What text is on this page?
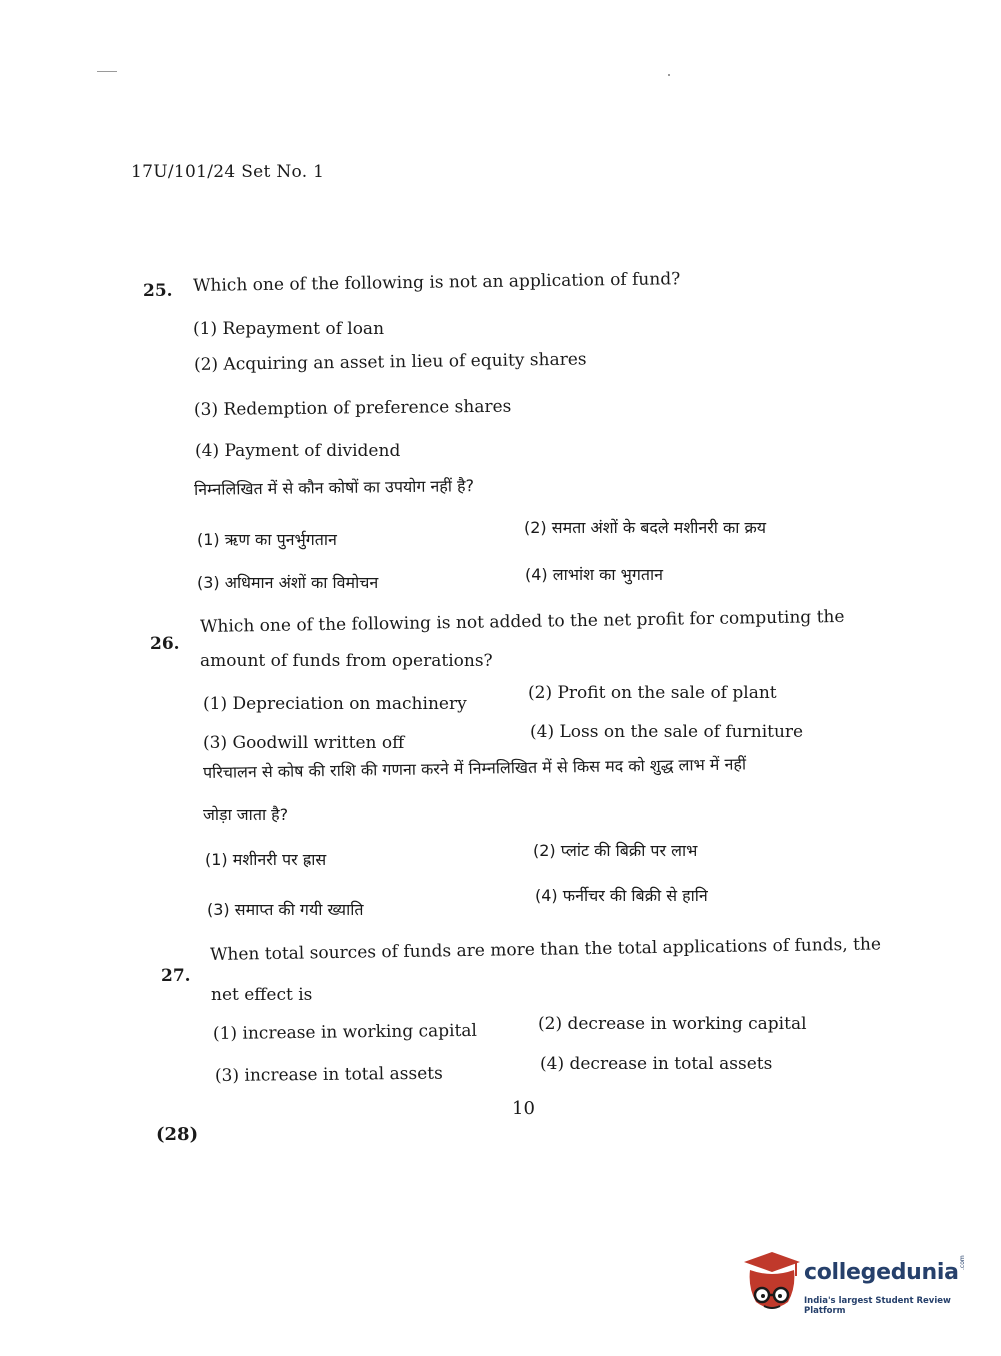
17U/101/24 Set No. 1
25. Which one of the following is not an application of fund?
(1) Repayment of loan
(2) Acquiring an asset in lieu of equity shares
(3) Redemption of preference shares
(4) Payment of dividend
निम्नलिखित में से कौन कोषों का उपयोग नहीं है?
(1) ऋण का पुनर्भुगतान
(2) समता अंशों के बदले मशीनरी का क्रय
(3) अधिमान अंशों का विमोचन	(4) लाभांश का भुगतान
26.
Which one of the following is not added to the net profit for computing the
amount of funds from operations?
(1) Depreciation on machinery
(2) Profit on the sale of plant
(3) Goodwill written off
(4) Loss on the sale of furniture
परिचालन से कोष की राशि की गणना करने में निम्नलिखित में से किस मद को शुद्ध लाभ में नहीं
जोड़ा जाता है?
(1) मशीनरी पर ह्रास	(2) प्लांट की बिक्री पर लाभ
(3) समाप्त की गयी ख्याति
(4) फर्नीचर की बिक्री से हानि
27.
When total sources of funds are more than the total applications of funds, the
net effect is
(1) increase in working capital	(2) decrease in working capital
(3) increase in total assets	(4) decrease in total assets
10
(28)
collegedunia .com
India's largest Student Review Platform
